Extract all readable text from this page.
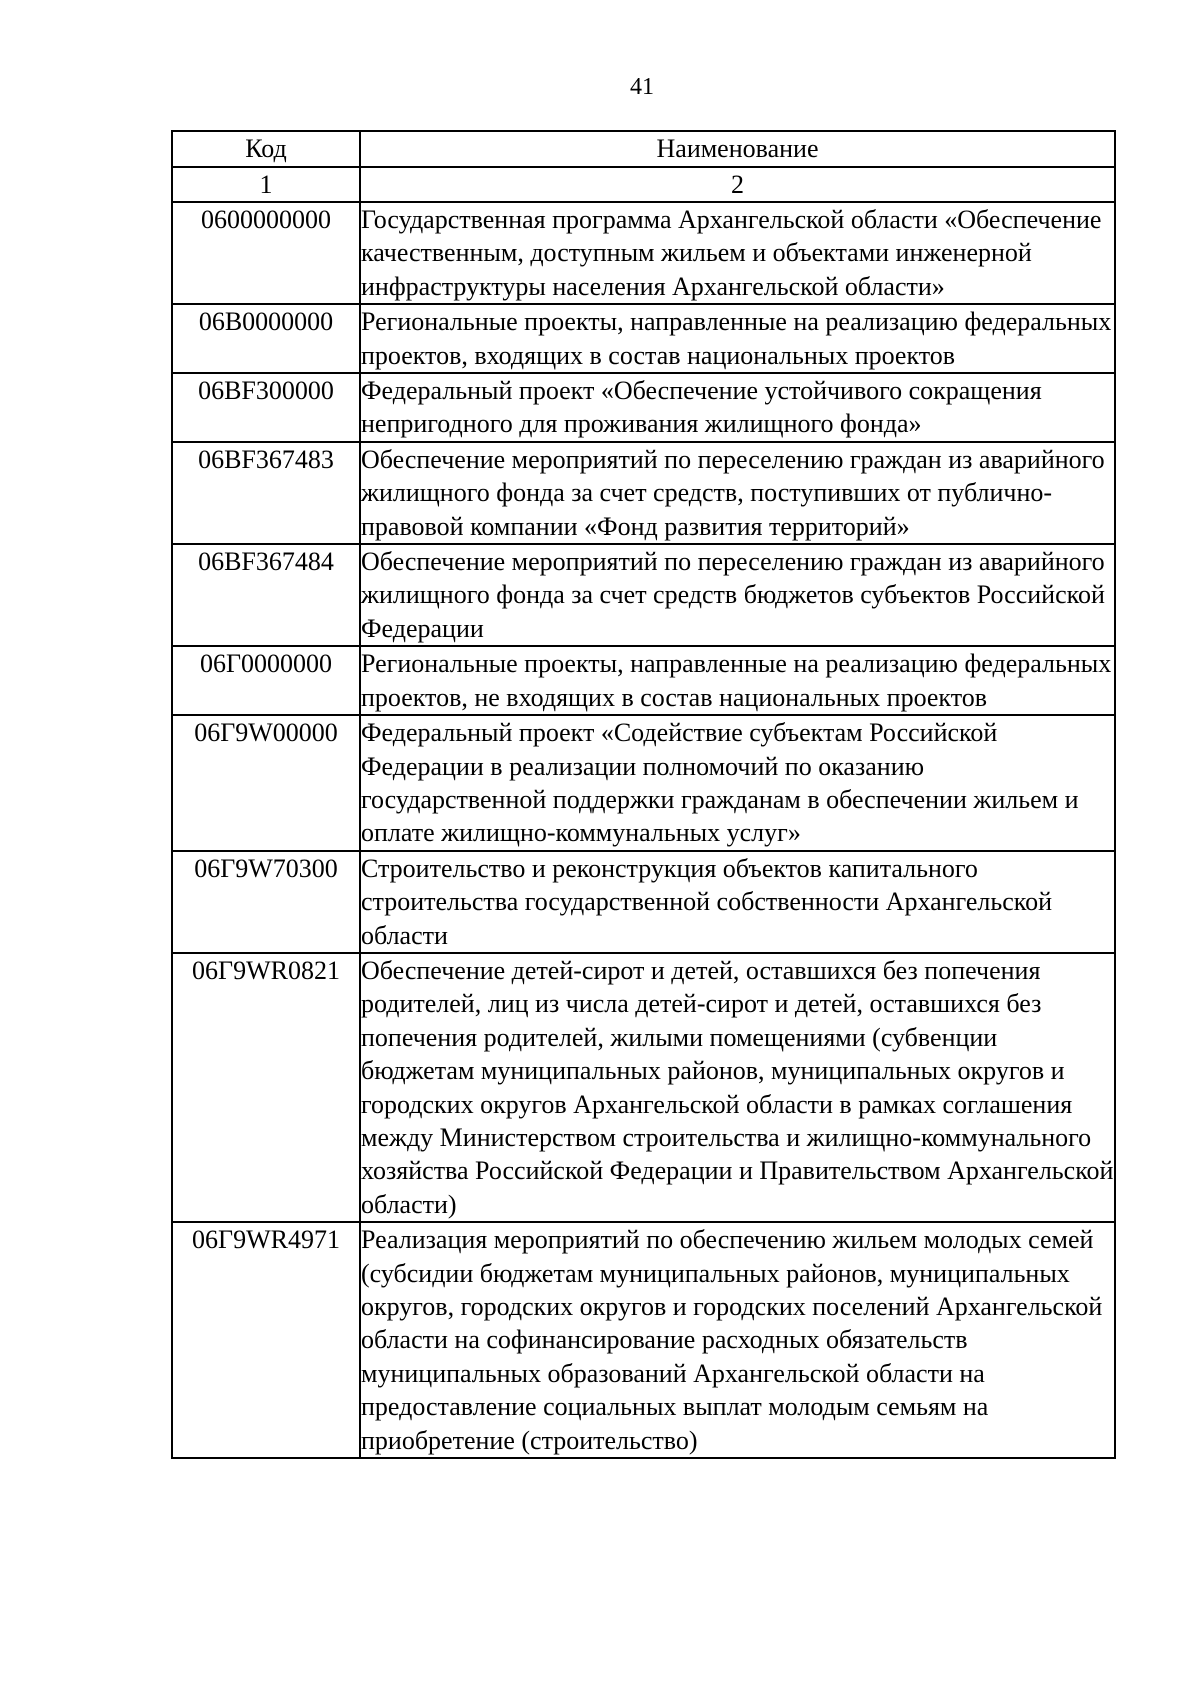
41
Код	Наименование
1	2
0600000000	Государственная программа Архангельской области «Обеспечение качественным, доступным жильем и объектами инженерной инфраструктуры населения Архангельской области»
06В0000000	Региональные проекты, направленные на реализацию федеральных проектов, входящих в состав национальных проектов
06BF300000	Федеральный проект «Обеспечение устойчивого сокращения непригодного для проживания жилищного фонда»
06BF367483	Обеспечение мероприятий по переселению граждан из аварийного жилищного фонда за счет средств, поступивших от публично-правовой компании «Фонд развития территорий»
06BF367484	Обеспечение мероприятий по переселению граждан из аварийного жилищного фонда за счет средств бюджетов субъектов Российской Федерации
06Г0000000	Региональные проекты, направленные на реализацию федеральных проектов, не входящих в состав национальных проектов
06Г9W00000	Федеральный проект «Содействие субъектам Российской Федерации в реализации полномочий по оказанию государственной поддержки гражданам в обеспечении жильем и оплате жилищно-коммунальных услуг»
06Г9W70300	Строительство и реконструкция объектов капитального строительства государственной собственности Архангельской области
06Г9WR0821	Обеспечение детей-сирот и детей, оставшихся без попечения родителей, лиц из числа детей-сирот и детей, оставшихся без попечения родителей, жилыми помещениями (субвенции бюджетам муниципальных районов, муниципальных округов и городских округов Архангельской области в рамках соглашения между Министерством строительства и жилищно-коммунального хозяйства Российской Федерации и Правительством Архангельской области)
06Г9WR4971	Реализация мероприятий по обеспечению жильем молодых семей (субсидии бюджетам муниципальных районов, муниципальных округов, городских округов и городских поселений Архангельской области на софинансирование расходных обязательств муниципальных образований Архангельской области на предоставление социальных выплат молодым семьям на приобретение (строительство)
